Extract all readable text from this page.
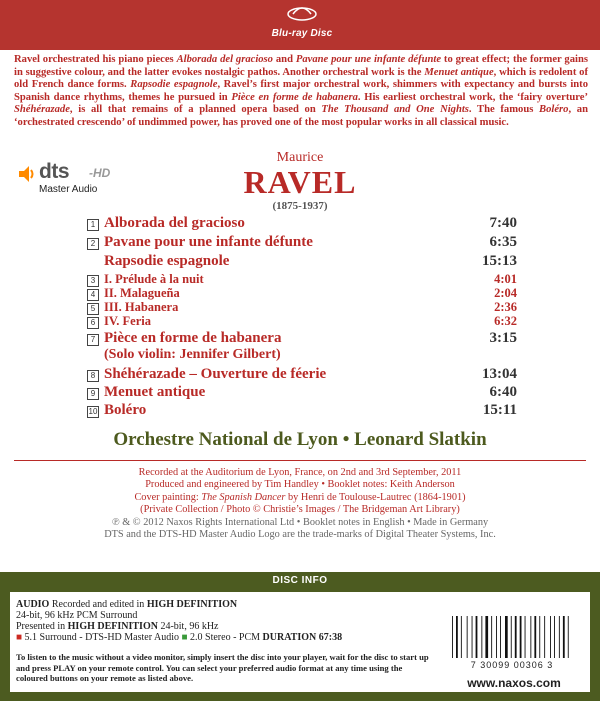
Blu-ray Disc
Ravel orchestrated his piano pieces Alborada del gracioso and Pavane pour une infante défunte to great effect; the former gains in suggestive colour, and the latter evokes nostalgic pathos. Another orchestral work is the Menuet antique, which is redolent of old French dance forms. Rapsodie espagnole, Ravel’s first major orchestral work, shimmers with expectancy and bursts into Spanish dance rhythms, themes he pursued in Pièce en forme de habanera. His earliest orchestral work, the ‘fairy overture’ Shéhérazade, is all that remains of a planned opera based on The Thousand and One Nights. The famous Boléro, an ‘orchestrated crescendo’ of undimmed power, has proved one of the most popular works in all classical music.
dts -HD
Master Audio
Maurice
RAVEL
(1875-1937)
1 Alborada del gracioso	7:40
2 Pavane pour une infante défunte	6:35
Rapsodie espagnole	15:13
3 I. Prélude à la nuit	4:01
4 II. Malagueña	2:04
5 III. Habanera	2:36
6 IV. Feria	6:32
7 Pièce en forme de habanera	3:15
(Solo violin: Jennifer Gilbert)
8 Shéhérazade – Ouverture de féerie	13:04
9 Menuet antique	6:40
10 Boléro	15:11
Orchestre National de Lyon • Leonard Slatkin
Recorded at the Auditorium de Lyon, France, on 2nd and 3rd September, 2011
Produced and engineered by Tim Handley • Booklet notes: Keith Anderson
Cover painting: The Spanish Dancer by Henri de Toulouse-Lautrec (1864-1901)
(Private Collection / Photo © Christie’s Images / The Bridgeman Art Library)
℗ & © 2012 Naxos Rights International Ltd • Booklet notes in English • Made in Germany
DTS and the DTS-HD Master Audio Logo are the trade-marks of Digital Theater Systems, Inc.
DISC INFO
AUDIO Recorded and edited in HIGH DEFINITION
24-bit, 96 kHz PCM Surround
Presented in HIGH DEFINITION 24-bit, 96 kHz
■ 5.1 Surround - DTS-HD Master Audio ■ 2.0 Stereo - PCM DURATION 67:38
To listen to the music without a video monitor, simply insert the disc into your player, wait for the disc to start up and press PLAY on your remote control. You can select your preferred audio format at any time using the coloured buttons on your remote as listed above.
7 30099 00306 3
www.naxos.com
